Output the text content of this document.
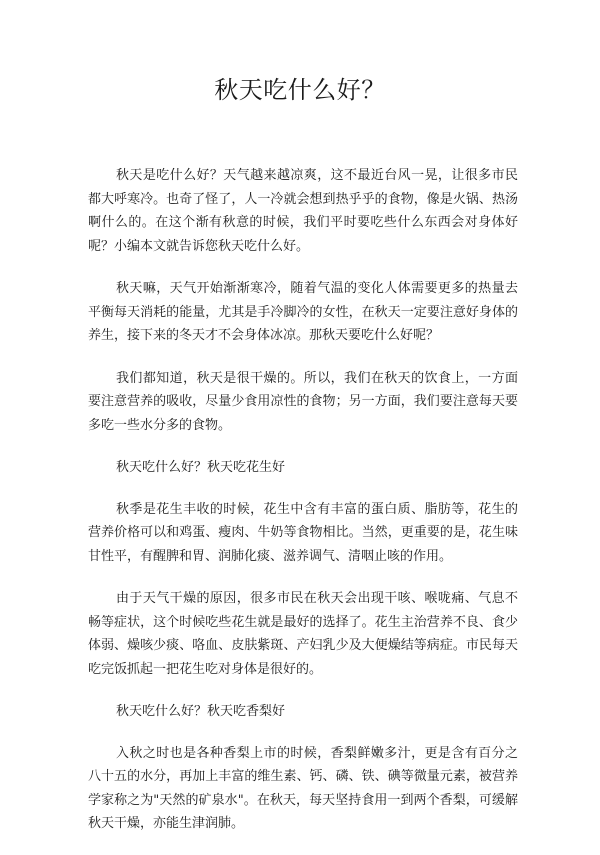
秋天吃什么好？

秋天是吃什么好？天气越来越凉爽，这不最近台风一晃，让很多市民都大呼寒冷。也奇了怪了，人一冷就会想到热乎乎的食物，像是火锅、热汤啊什么的。在这个渐有秋意的时候，我们平时要吃些什么东西会对身体好呢？小编本文就告诉您秋天吃什么好。

秋天嘛，天气开始渐渐寒冷，随着气温的变化人体需要更多的热量去平衡每天消耗的能量，尤其是手冷脚冷的女性，在秋天一定要注意好身体的养生，接下来的冬天才不会身体冰凉。那秋天要吃什么好呢？

我们都知道，秋天是很干燥的。所以，我们在秋天的饮食上，一方面要注意营养的吸收，尽量少食用凉性的食物；另一方面，我们要注意每天要多吃一些水分多的食物。

秋天吃什么好？秋天吃花生好

秋季是花生丰收的时候，花生中含有丰富的蛋白质、脂肪等，花生的营养价格可以和鸡蛋、瘦肉、牛奶等食物相比。当然，更重要的是，花生味甘性平，有醒脾和胃、润肺化痰、滋养调气、清咽止咳的作用。

由于天气干燥的原因，很多市民在秋天会出现干咳、喉咙痛、气息不畅等症状，这个时候吃些花生就是最好的选择了。花生主治营养不良、食少体弱、燥咳少痰、咯血、皮肤紫斑、产妇乳少及大便燥结等病症。市民每天吃完饭抓起一把花生吃对身体是很好的。

秋天吃什么好？秋天吃香梨好

入秋之时也是各种香梨上市的时候，香梨鲜嫩多汁，更是含有百分之八十五的水分，再加上丰富的维生素、钙、磷、铁、碘等微量元素，被营养学家称之为"天然的矿泉水"。在秋天，每天坚持食用一到两个香梨，可缓解秋天干燥，亦能生津润肺。
